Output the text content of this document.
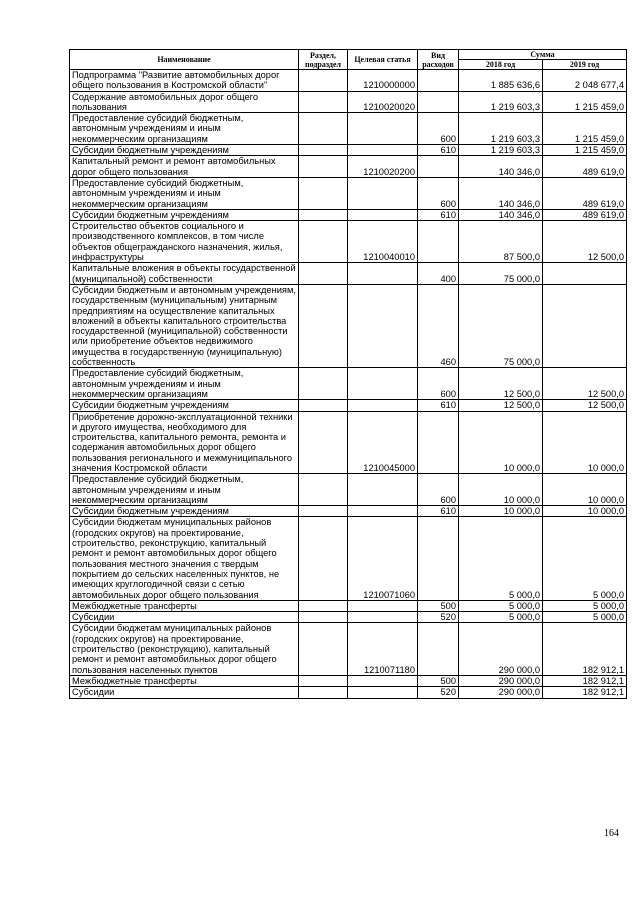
Наименование	Раздел, подраздел	Целевая статья	Вид расходов	Сумма	
				2018 год	2019 год
Подпрограмма "Развитие автомобильных дорог общего пользования в Костромской области"		1210000000		1 885 636,6	2 048 677,4
Содержание автомобильных дорог общего пользования		1210020020		1 219 603,3	1 215 459,0
Предоставление субсидий бюджетным, автономным учреждениям и иным некоммерческим организациям			600	1 219 603,3	1 215 459,0
Субсидии бюджетным учреждениям			610	1 219 603,3	1 215 459,0
Капитальный ремонт и ремонт автомобильных дорог общего пользования		1210020200		140 346,0	489 619,0
Предоставление субсидий бюджетным, автономным учреждениям и иным некоммерческим организациям			600	140 346,0	489 619,0
Субсидии бюджетным учреждениям			610	140 346,0	489 619,0
Строительство объектов социального и производственного комплексов, в том числе объектов общегражданского назначения, жилья, инфраструктуры		1210040010		87 500,0	12 500,0
Капитальные вложения в объекты государственной (муниципальной) собственности			400	75 000,0	
Субсидии бюджетным и автономным учреждениям, государственным (муниципальным) унитарным предприятиям на осуществление капитальных вложений в объекты капитального строительства государственной (муниципальной) собственности или приобретение объектов недвижимого имущества в государственную (муниципальную) собственность			460	75 000,0	
Предоставление субсидий бюджетным, автономным учреждениям и иным некоммерческим организациям			600	12 500,0	12 500,0
Субсидии бюджетным учреждениям			610	12 500,0	12 500,0
Приобретение дорожно-эксплуатационной техники и другого имущества, необходимого для строительства, капитального ремонта, ремонта и содержания автомобильных дорог общего пользования регионального и межмуниципального значения Костромской области		1210045000		10 000,0	10 000,0
Предоставление субсидий бюджетным, автономным учреждениям и иным некоммерческим организациям			600	10 000,0	10 000,0
Субсидии бюджетным учреждениям			610	10 000,0	10 000,0
Субсидии бюджетам муниципальных районов (городских округов) на проектирование, строительство, реконструкцию, капитальный ремонт и ремонт автомобильных дорог общего пользования местного значения с твердым покрытием до сельских населенных пунктов, не имеющих круглогодичной связи с сетью автомобильных дорог общего пользования		1210071060		5 000,0	5 000,0
Межбюджетные трансферты			500	5 000,0	5 000,0
Субсидии			520	5 000,0	5 000,0
Субсидии бюджетам муниципальных районов (городских округов) на проектирование, строительство (реконструкцию), капитальный ремонт и ремонт автомобильных дорог общего пользования населенных пунктов		1210071180		290 000,0	182 912,1
Межбюджетные трансферты			500	290 000,0	182 912,1
Субсидии			520	290 000,0	182 912,1
164
